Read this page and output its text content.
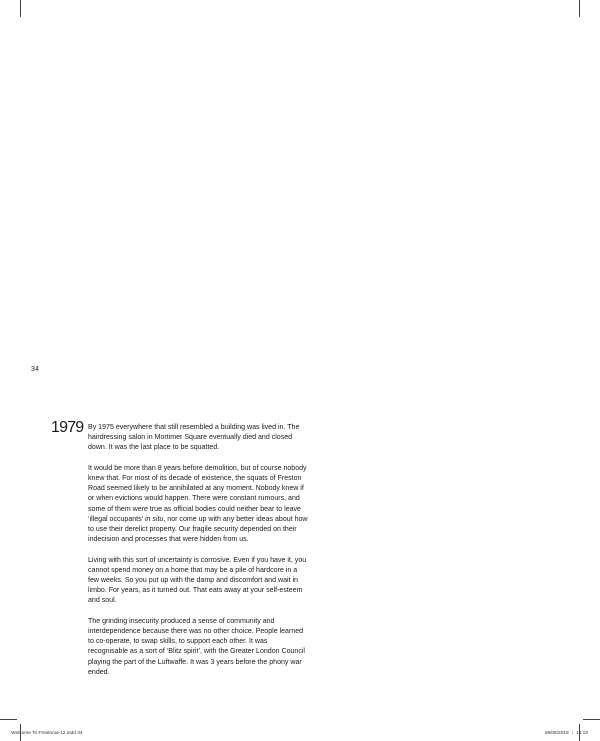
34
1979 By 1975 everywhere that still resembled a building was lived in. The hairdressing salon in Mortimer Square eventually died and closed down. It was the last place to be squatted.

It would be more than 8 years before demolition, but of course nobody knew that. For most of its decade of existence, the squats of Freston Road seemed likely to be annihilated at any moment. Nobody knew if or when evictions would happen. There were constant rumours, and some of them were true as official bodies could neither bear to leave ‘illegal occupants’ in situ, nor come up with any better ideas about how to use their derelict property. Our fragile security depended on their indecision and processes that were hidden from us.

Living with this sort of uncertainty is corrosive. Even if you have it, you cannot spend money on a home that may be a pile of hardcore in a few weeks. So you put up with the damp and discomfort and wait in limbo. For years, as it turned out. That eats away at your self-esteem and soul.

The grinding insecurity produced a sense of community and interdependence because there was no other choice. People learned to co-operate, to swap skills, to support each other. It was recognisable as a sort of ‘Blitz spirit’, with the Greater London Council playing the part of the Luftwaffe. It was 3 years before the phony war ended.

Welcome To Frestonia-12.indd 34	28/05/2019 | 14:18
